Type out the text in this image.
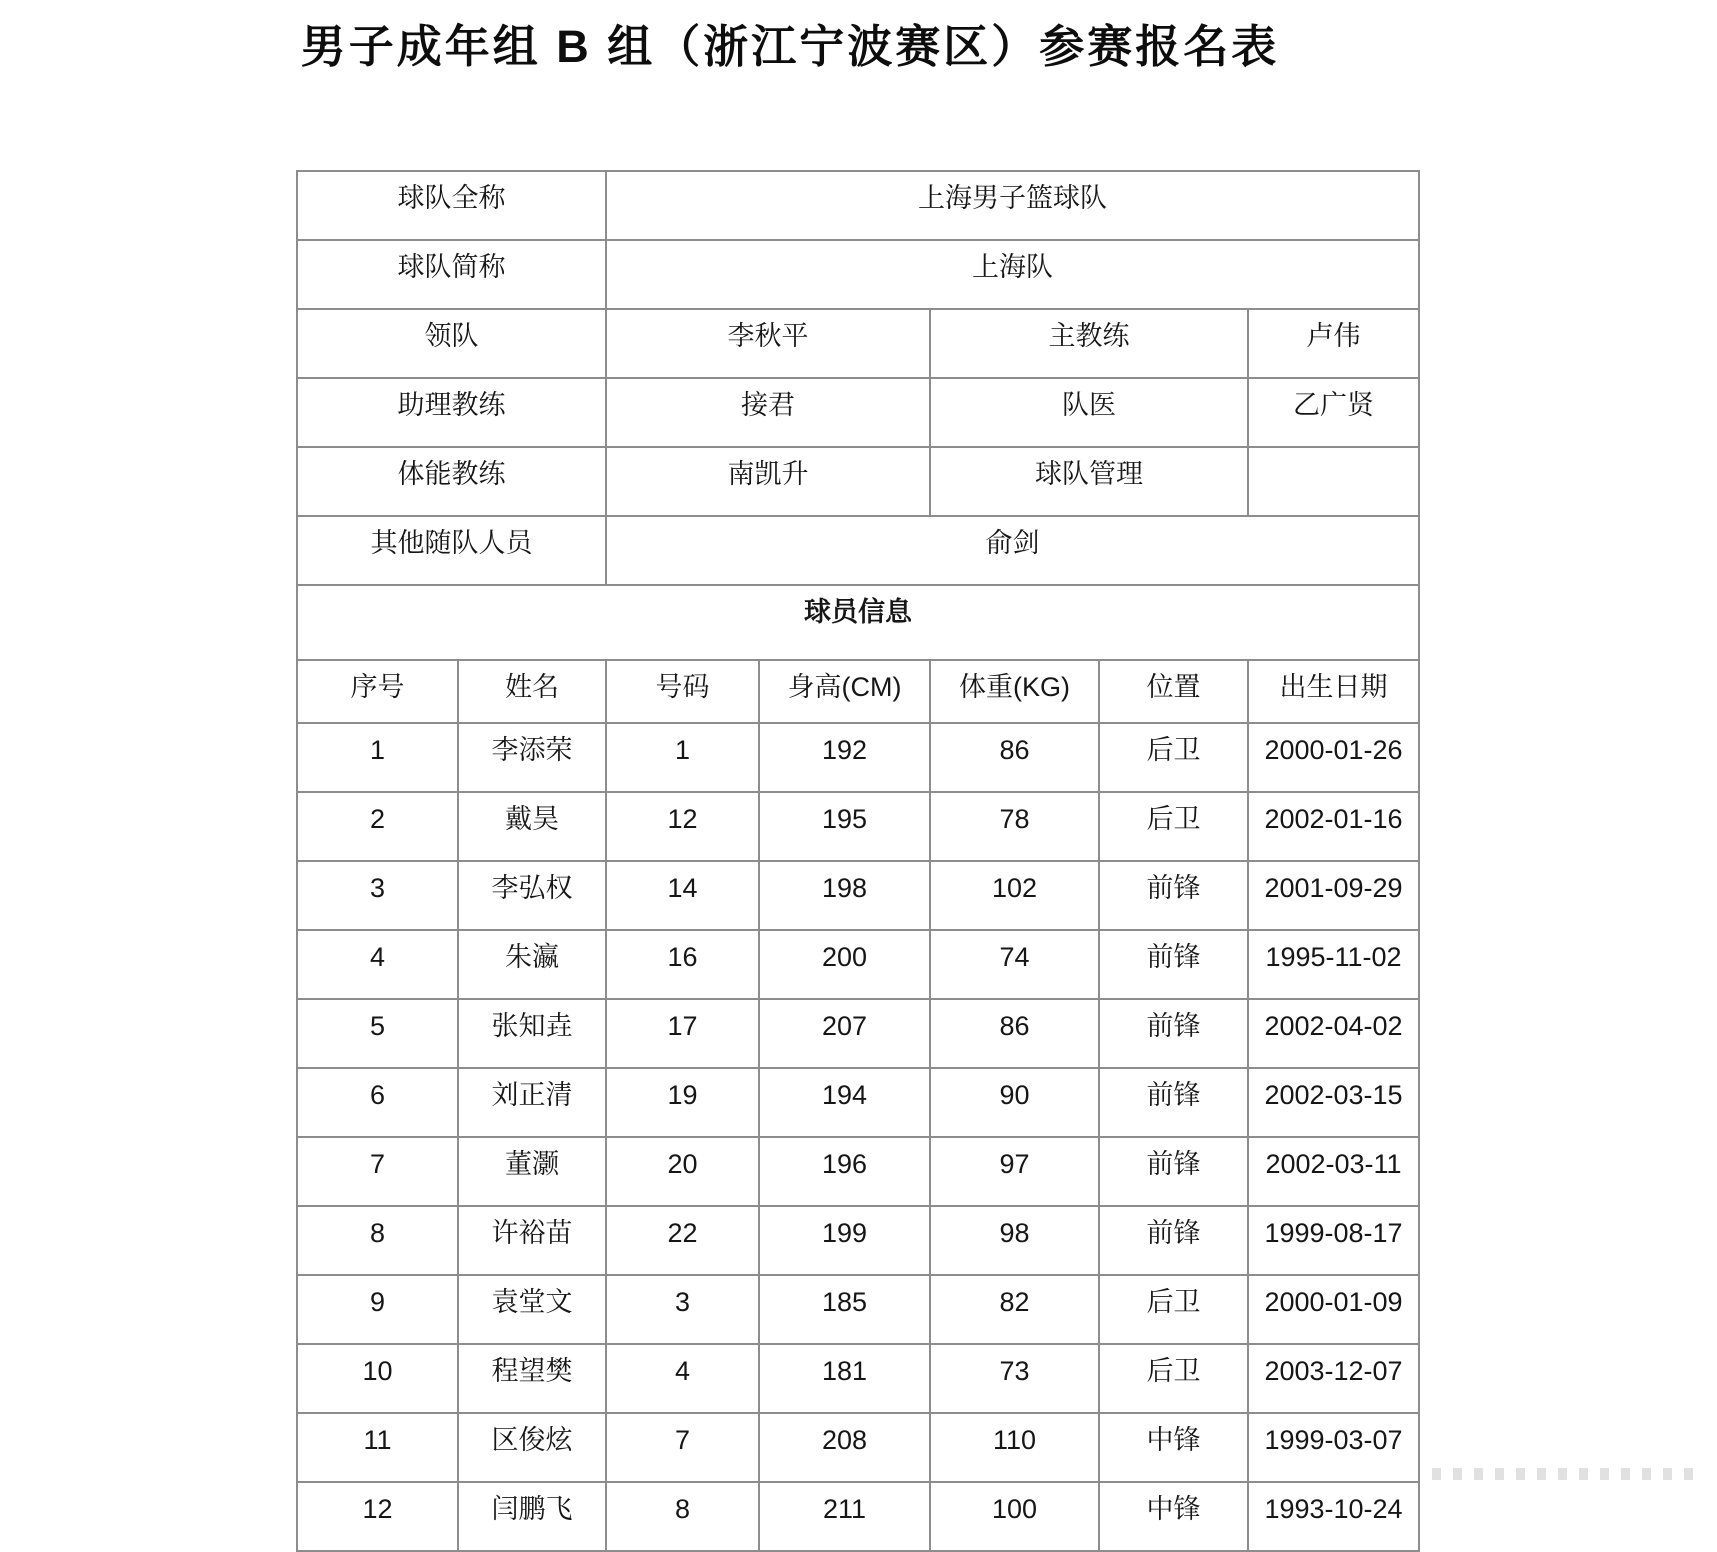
男子成年组 B 组（浙江宁波赛区）参赛报名表
球队全称		上海男子篮球队				
球队简称		上海队				
领队		李秋平		主教练		卢伟
助理教练		接君		队医		乙广贤
体能教练		南凯升		球队管理		
其他随队人员		俞剑				
球员信息						
序号	姓名	号码	身高(CM)	体重(KG)	位置	出生日期
1	李添荣	1	192	86	后卫	2000-01-26
2	戴昊	12	195	78	后卫	2002-01-16
3	李弘权	14	198	102	前锋	2001-09-29
4	朱瀛	16	200	74	前锋	1995-11-02
5	张知垚	17	207	86	前锋	2002-04-02
6	刘正清	19	194	90	前锋	2002-03-15
7	董灏	20	196	97	前锋	2002-03-11
8	许裕苗	22	199	98	前锋	1999-08-17
9	袁堂文	3	185	82	后卫	2000-01-09
10	程望樊	4	181	73	后卫	2003-12-07
11	区俊炫	7	208	110	中锋	1999-03-07
12	闫鹏飞	8	211	100	中锋	1993-10-24
